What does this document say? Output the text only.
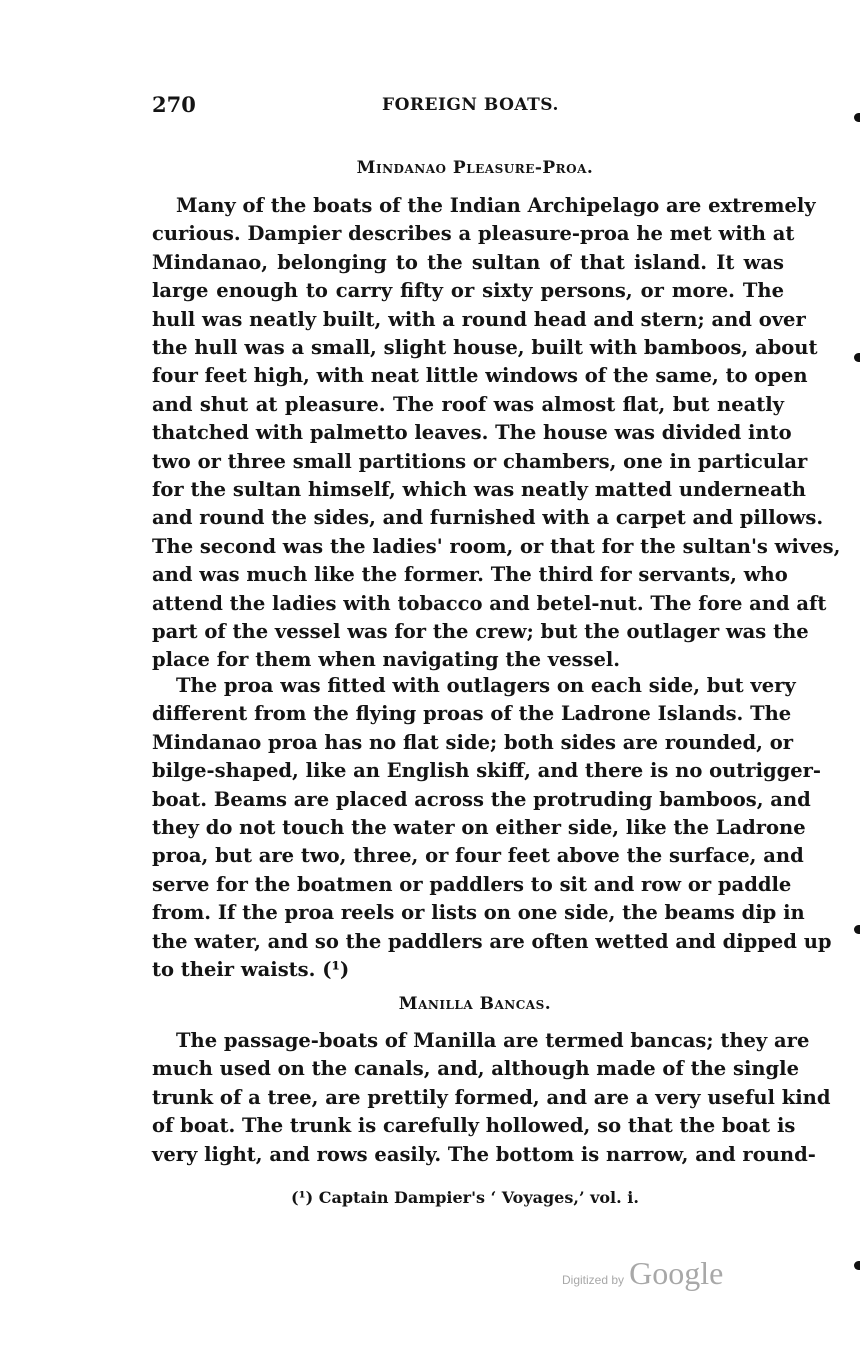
270	FOREIGN BOATS.
Mindanao Pleasure-Proa.
Many of the boats of the Indian Archipelago are extremely
curious. Dampier describes a pleasure-proa he met with at
Mindanao, belonging to the sultan of that island. It was
large enough to carry fifty or sixty persons, or more. The
hull was neatly built, with a round head and stern; and over
the hull was a small, slight house, built with bamboos, about
four feet high, with neat little windows of the same, to open
and shut at pleasure. The roof was almost flat, but neatly
thatched with palmetto leaves. The house was divided into
two or three small partitions or chambers, one in particular
for the sultan himself, which was neatly matted underneath
and round the sides, and furnished with a carpet and pillows.
The second was the ladies' room, or that for the sultan's wives,
and was much like the former. The third for servants, who
attend the ladies with tobacco and betel-nut. The fore and aft
part of the vessel was for the crew; but the outlager was the
place for them when navigating the vessel.
The proa was fitted with outlagers on each side, but very
different from the flying proas of the Ladrone Islands. The
Mindanao proa has no flat side; both sides are rounded, or
bilge-shaped, like an English skiff, and there is no outrigger-
boat. Beams are placed across the protruding bamboos, and
they do not touch the water on either side, like the Ladrone
proa, but are two, three, or four feet above the surface, and
serve for the boatmen or paddlers to sit and row or paddle
from. If the proa reels or lists on one side, the beams dip in
the water, and so the paddlers are often wetted and dipped up
to their waists. (¹)
Manilla Bancas.
The passage-boats of Manilla are termed bancas; they are
much used on the canals, and, although made of the single
trunk of a tree, are prettily formed, and are a very useful kind
of boat. The trunk is carefully hollowed, so that the boat is
very light, and rows easily. The bottom is narrow, and round-
(¹) Captain Dampier's ‘ Voyages,’ vol. i.
Digitized by Google
